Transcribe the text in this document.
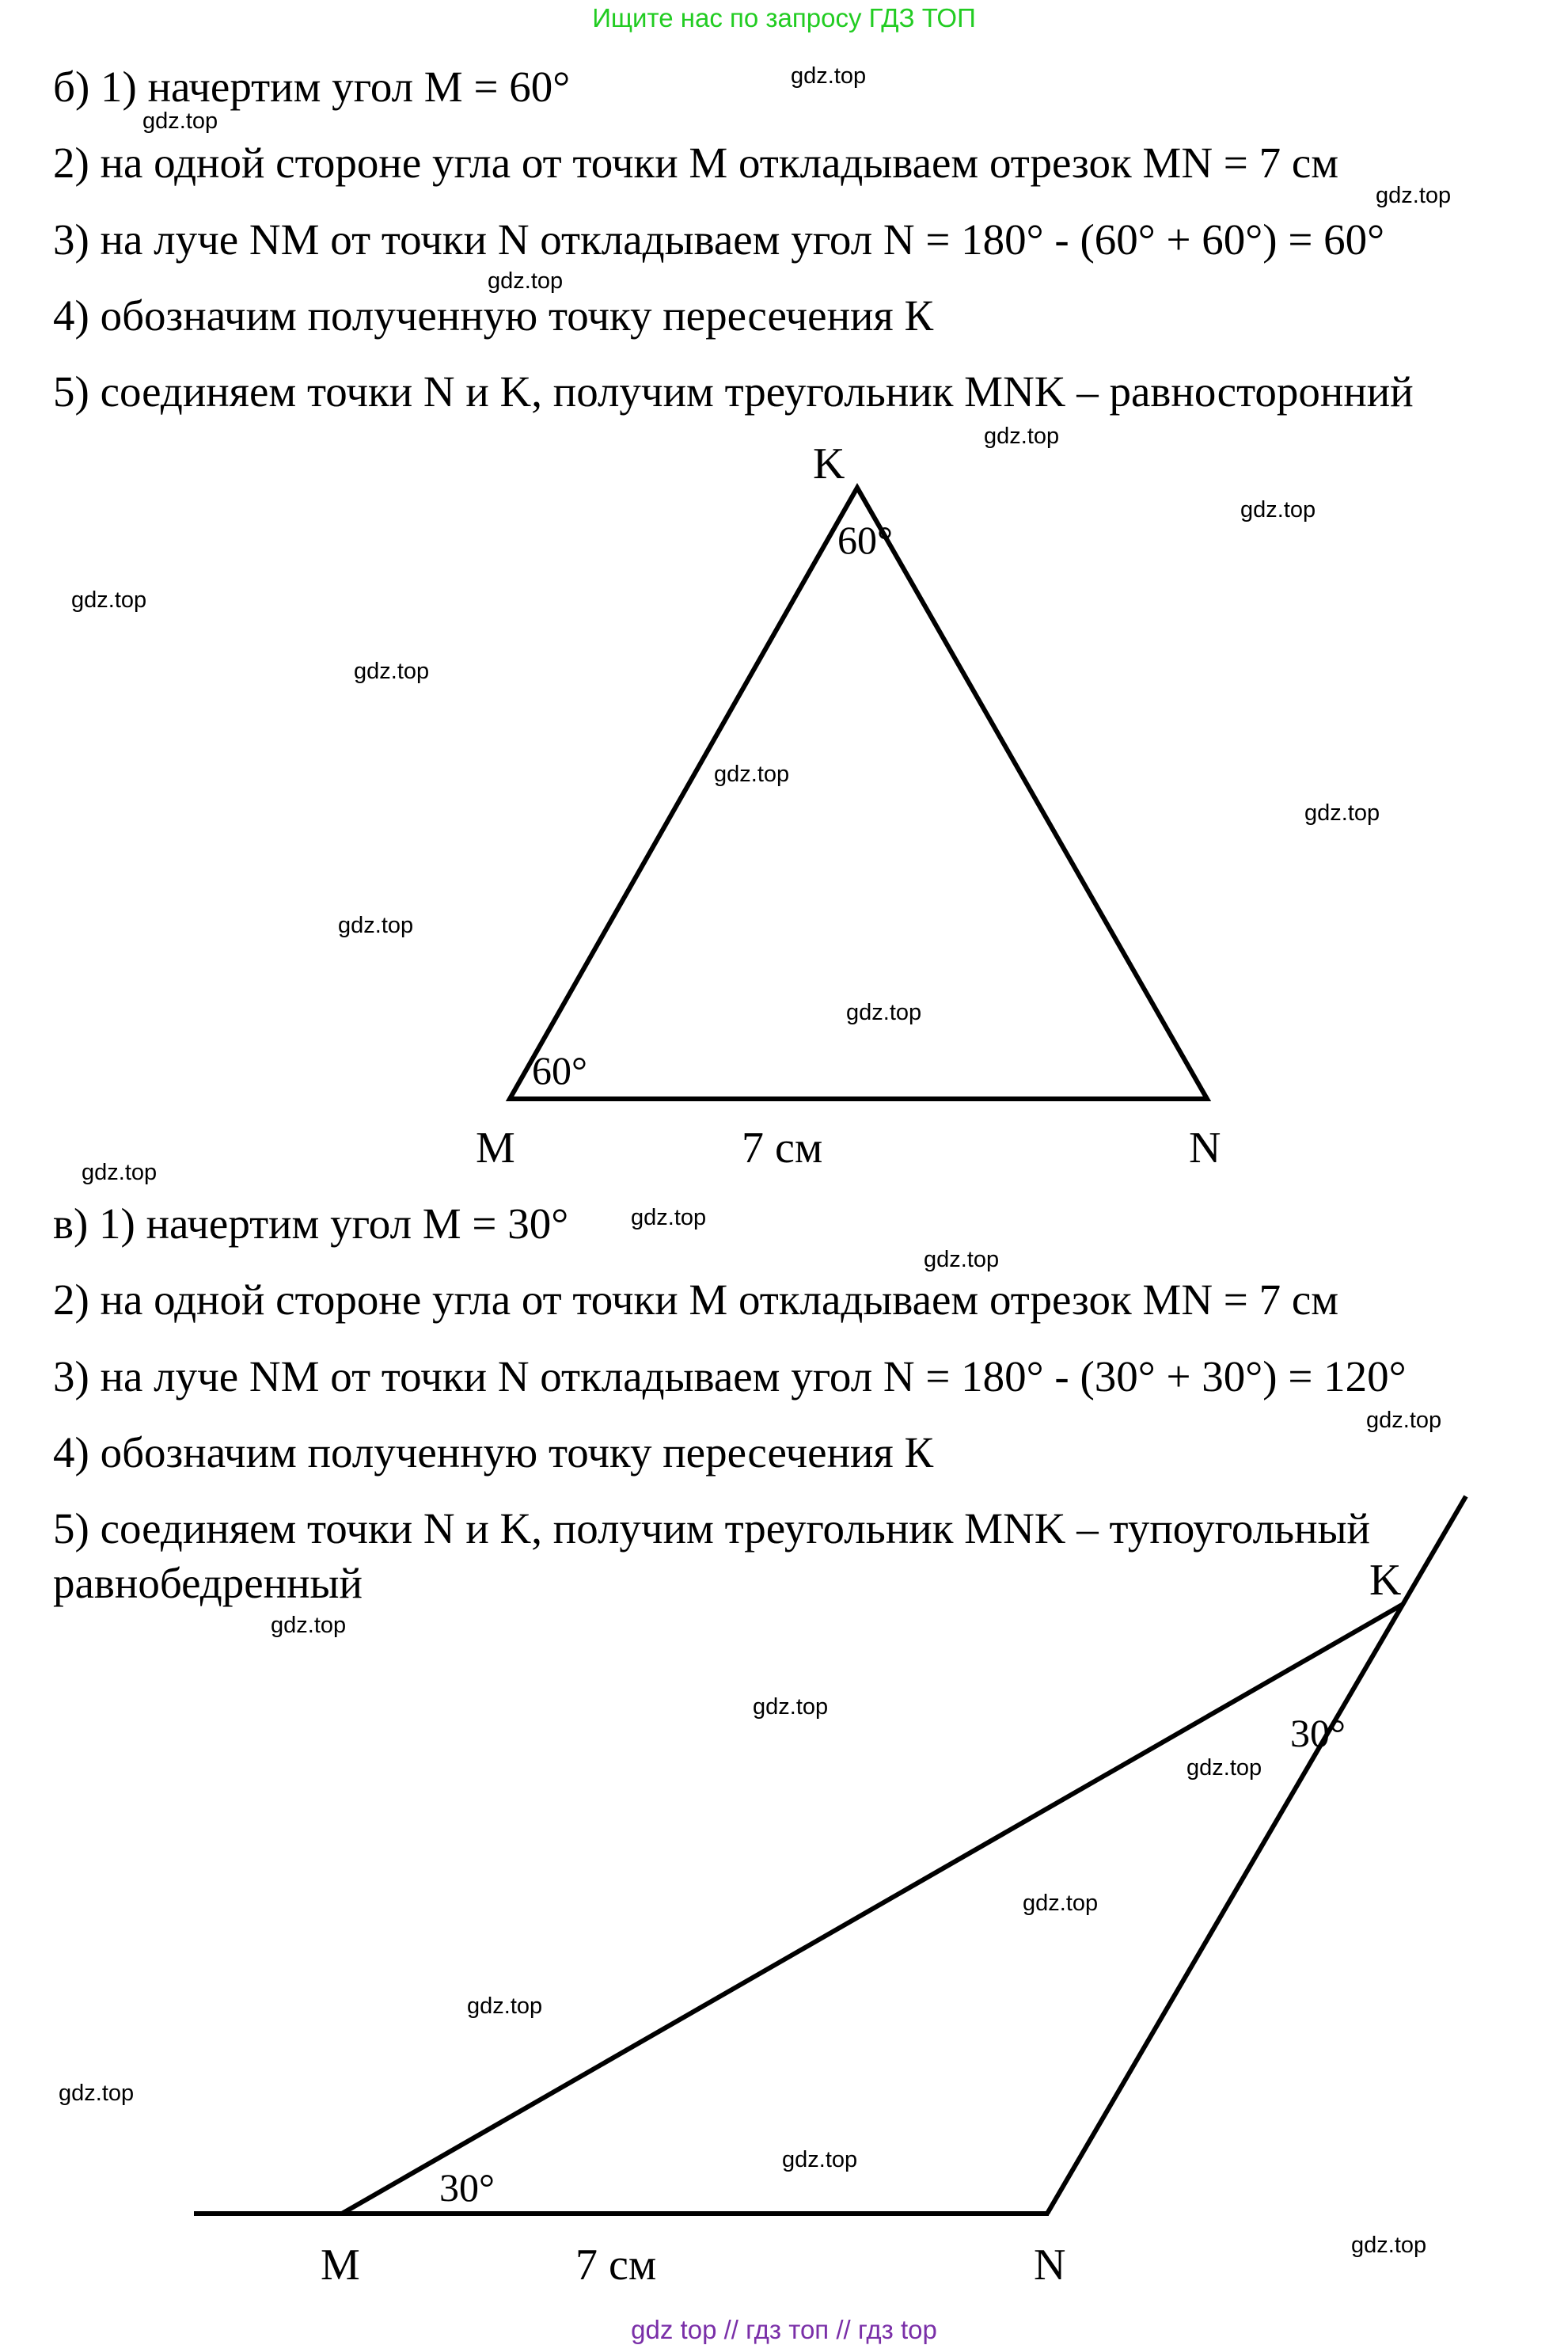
Ищите нас по запросу ГДЗ ТОП
б) 1) начертим угол M = 60°
2) на одной стороне угла от точки M откладываем отрезок MN = 7 см
3) на луче NM от точки N откладываем угол N = 180° - (60° + 60°) = 60°
4) обозначим полученную точку пересечения К
5) соединяем точки N и K, получим треугольник MNK – равносторонний
K
60°
60°
M	7 см	N
в) 1) начертим угол M = 30°
2) на одной стороне угла от точки M откладываем отрезок MN = 7 см
3) на луче NM от точки N откладываем угол N = 180° - (30° + 30°) = 120°
4) обозначим полученную точку пересечения К
5) соединяем точки N и K, получим треугольник MNK – тупоугольный
равнобедренный	K
30°
30°
M	7 см	N
gdz.top
gdz.top
gdz.top
gdz.top
gdz.top
gdz.top
gdz.top
gdz.top
gdz.top
gdz.top
gdz.top
gdz.top
gdz.top
gdz.top
gdz.top
gdz.top
gdz.top
gdz.top
gdz.top
gdz.top
gdz.top
gdz.top
gdz.top
gdz.top
gdz top // гдз топ // гдз top
